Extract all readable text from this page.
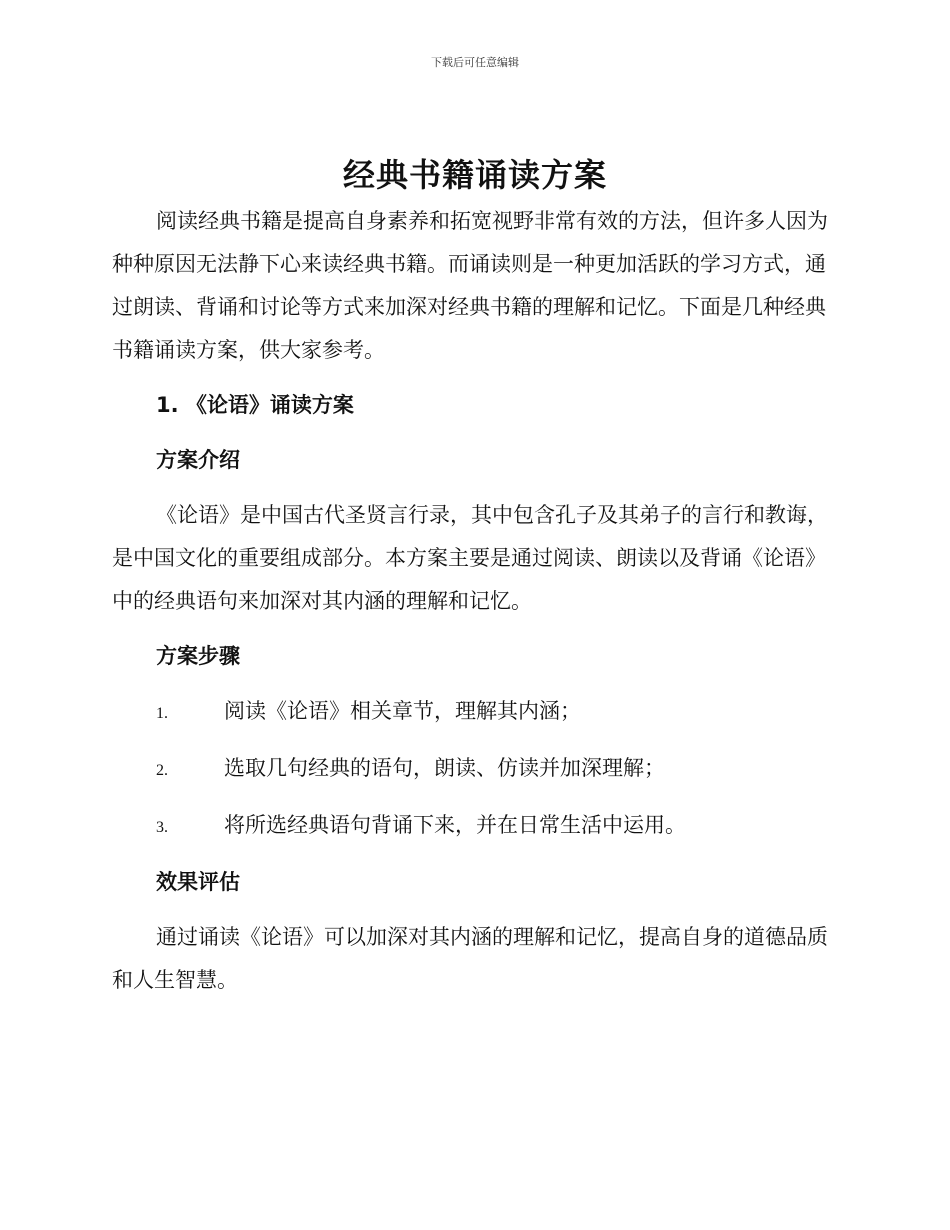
下载后可任意编辑
经典书籍诵读方案

阅读经典书籍是提高自身素养和拓宽视野非常有效的方法，但许多人因为种种原因无法静下心来读经典书籍。而诵读则是一种更加活跃的学习方式，通过朗读、背诵和讨论等方式来加深对经典书籍的理解和记忆。下面是几种经典书籍诵读方案，供大家参考。

1. 《论语》诵读方案

方案介绍

《论语》是中国古代圣贤言行录，其中包含孔子及其弟子的言行和教诲，是中国文化的重要组成部分。本方案主要是通过阅读、朗读以及背诵《论语》中的经典语句来加深对其内涵的理解和记忆。

方案步骤

1.	阅读《论语》相关章节，理解其内涵；

2.	选取几句经典的语句，朗读、仿读并加深理解；

3.	将所选经典语句背诵下来，并在日常生活中运用。

效果评估

通过诵读《论语》可以加深对其内涵的理解和记忆，提高自身的道德品质和人生智慧。
